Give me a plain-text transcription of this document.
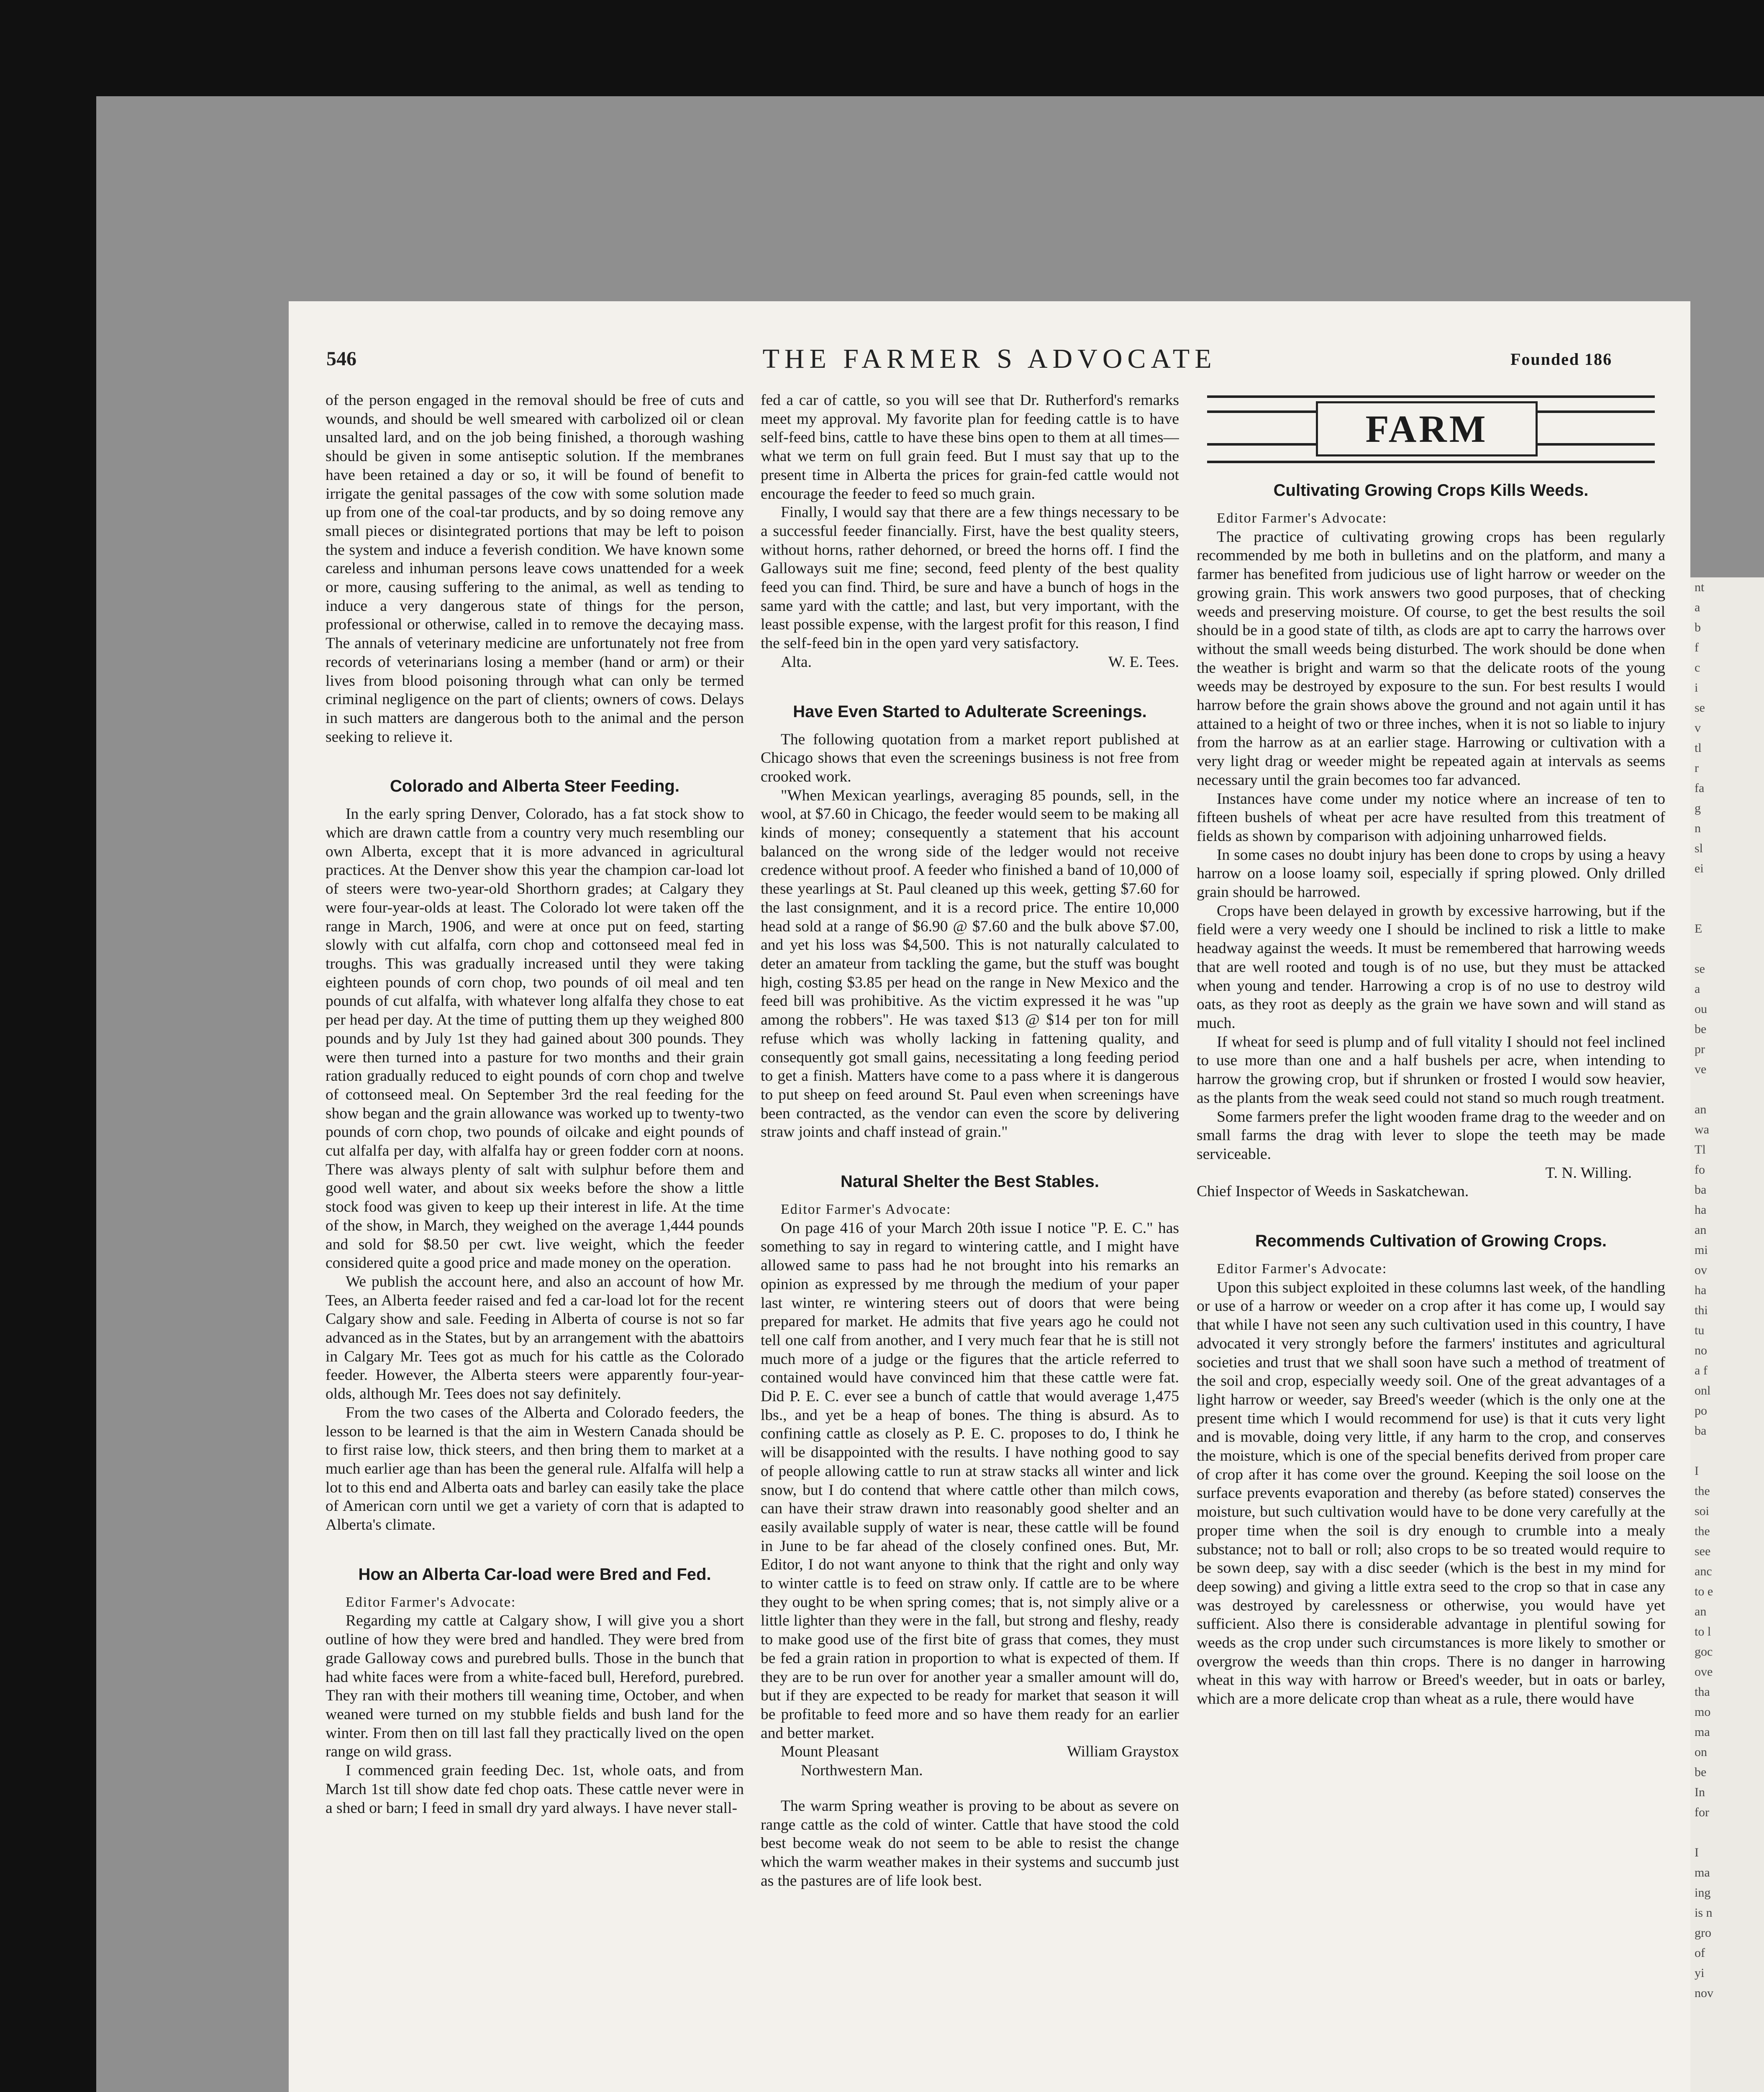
546	THE FARMER S ADVOCATE	Founded 186

of the person engaged in the removal should be free of cuts and wounds, and should be well smeared with carbolized oil or clean unsalted lard, and on the job being finished, a thorough washing should be given in some antiseptic solution. If the membranes have been retained a day or so, it will be found of benefit to irrigate the genital passages of the cow with some solution made up from one of the coal-tar products, and by so doing remove any small pieces or disintegrated portions that may be left to poison the system and induce a feverish condition. We have known some careless and inhuman persons leave cows unattended for a week or more, causing suffering to the animal, as well as tending to induce a very dangerous state of things for the person, professional or otherwise, called in to remove the decaying mass. The annals of veterinary medicine are unfortunately not free from records of veterinarians losing a member (hand or arm) or their lives from blood poisoning through what can only be termed criminal negligence on the part of clients; owners of cows. Delays in such matters are dangerous both to the animal and the person seeking to relieve it.

Colorado and Alberta Steer Feeding.

In the early spring Denver, Colorado, has a fat stock show to which are drawn cattle from a country very much resembling our own Alberta, except that it is more advanced in agricultural practices. At the Denver show this year the champion car-load lot of steers were two-year-old Shorthorn grades; at Calgary they were four-year-olds at least. The Colorado lot were taken off the range in March, 1906, and were at once put on feed, starting slowly with cut alfalfa, corn chop and cottonseed meal fed in troughs. This was gradually increased until they were taking eighteen pounds of corn chop, two pounds of oil meal and ten pounds of cut alfalfa, with whatever long alfalfa they chose to eat per head per day. At the time of putting them up they weighed 800 pounds and by July 1st they had gained about 300 pounds. They were then turned into a pasture for two months and their grain ration gradually reduced to eight pounds of corn chop and twelve of cottonseed meal. On September 3rd the real feeding for the show began and the grain allowance was worked up to twenty-two pounds of corn chop, two pounds of oilcake and eight pounds of cut alfalfa per day, with alfalfa hay or green fodder corn at noons. There was always plenty of salt with sulphur before them and good well water, and about six weeks before the show a little stock food was given to keep up their interest in life. At the time of the show, in March, they weighed on the average 1,444 pounds and sold for $8.50 per cwt. live weight, which the feeder considered quite a good price and made money on the operation.

We publish the account here, and also an account of how Mr. Tees, an Alberta feeder raised and fed a car-load lot for the recent Calgary show and sale. Feeding in Alberta of course is not so far advanced as in the States, but by an arrangement with the abattoirs in Calgary Mr. Tees got as much for his cattle as the Colorado feeder. However, the Alberta steers were apparently four-year-olds, although Mr. Tees does not say definitely.

From the two cases of the Alberta and Colorado feeders, the lesson to be learned is that the aim in Western Canada should be to first raise low, thick steers, and then bring them to market at a much earlier age than has been the general rule. Alfalfa will help a lot to this end and Alberta oats and barley can easily take the place of American corn until we get a variety of corn that is adapted to Alberta's climate.

How an Alberta Car-load were Bred and Fed.

Editor Farmer's Advocate:

Regarding my cattle at Calgary show, I will give you a short outline of how they were bred and handled. They were bred from grade Galloway cows and purebred bulls. Those in the bunch that had white faces were from a white-faced bull, Hereford, purebred. They ran with their mothers till weaning time, October, and when weaned were turned on my stubble fields and bush land for the winter. From then on till last fall they practically lived on the open range on wild grass.

I commenced grain feeding Dec. 1st, whole oats, and from March 1st till show date fed chop oats. These cattle never were in a shed or barn; I feed in small dry yard always. I have never stall-

fed a car of cattle, so you will see that Dr. Rutherford's remarks meet my approval. My favorite plan for feeding cattle is to have self-feed bins, cattle to have these bins open to them at all times—what we term on full grain feed. But I must say that up to the present time in Alberta the prices for grain-fed cattle would not encourage the feeder to feed so much grain.

Finally, I would say that there are a few things necessary to be a successful feeder financially. First, have the best quality steers, without horns, rather dehorned, or breed the horns off. I find the Galloways suit me fine; second, feed plenty of the best quality feed you can find. Third, be sure and have a bunch of hogs in the same yard with the cattle; and last, but very important, with the least possible expense, with the largest profit for this reason, I find the self-feed bin in the open yard very satisfactory.

Alta.	W. E. Tees.
Have Even Started to Adulterate Screenings.

The following quotation from a market report published at Chicago shows that even the screenings business is not free from crooked work.

"When Mexican yearlings, averaging 85 pounds, sell, in the wool, at $7.60 in Chicago, the feeder would seem to be making all kinds of money; consequently a statement that his account balanced on the wrong side of the ledger would not receive credence without proof. A feeder who finished a band of 10,000 of these yearlings at St. Paul cleaned up this week, getting $7.60 for the last consignment, and it is a record price. The entire 10,000 head sold at a range of $6.90 @ $7.60 and the bulk above $7.00, and yet his loss was $4,500. This is not naturally calculated to deter an amateur from tackling the game, but the stuff was bought high, costing $3.85 per head on the range in New Mexico and the feed bill was prohibitive. As the victim expressed it he was "up among the robbers". He was taxed $13 @ $14 per ton for mill refuse which was wholly lacking in fattening quality, and consequently got small gains, necessitating a long feeding period to get a finish. Matters have come to a pass where it is dangerous to put sheep on feed around St. Paul even when screenings have been contracted, as the vendor can even the score by delivering straw joints and chaff instead of grain."

Natural Shelter the Best Stables.

Editor Farmer's Advocate:

On page 416 of your March 20th issue I notice "P. E. C." has something to say in regard to wintering cattle, and I might have allowed same to pass had he not brought into his remarks an opinion as expressed by me through the medium of your paper last winter, re wintering steers out of doors that were being prepared for market. He admits that five years ago he could not tell one calf from another, and I very much fear that he is still not much more of a judge or the figures that the article referred to contained would have convinced him that these cattle were fat. Did P. E. C. ever see a bunch of cattle that would average 1,475 lbs., and yet be a heap of bones. The thing is absurd. As to confining cattle as closely as P. E. C. proposes to do, I think he will be disappointed with the results. I have nothing good to say of people allowing cattle to run at straw stacks all winter and lick snow, but I do contend that where cattle other than milch cows, can have their straw drawn into reasonably good shelter and an easily available supply of water is near, these cattle will be found in June to be far ahead of the closely confined ones. But, Mr. Editor, I do not want anyone to think that the right and only way to winter cattle is to feed on straw only. If cattle are to be where they ought to be when spring comes; that is, not simply alive or a little lighter than they were in the fall, but strong and fleshy, ready to make good use of the first bite of grass that comes, they must be fed a grain ration in proportion to what is expected of them. If they are to be run over for another year a smaller amount will do, but if they are expected to be ready for market that season it will be profitable to feed more and so have them ready for an earlier and better market.

Mount Pleasant	William Graystox

Northwestern Man.

The warm Spring weather is proving to be about as severe on range cattle as the cold of winter. Cattle that have stood the cold best become weak do not seem to be able to resist the change which the warm weather makes in their systems and succumb just as the pastures are of life look best.

FARM
Cultivating Growing Crops Kills Weeds.

Editor Farmer's Advocate:

The practice of cultivating growing crops has been regularly recommended by me both in bulletins and on the platform, and many a farmer has benefited from judicious use of light harrow or weeder on the growing grain. This work answers two good purposes, that of checking weeds and preserving moisture. Of course, to get the best results the soil should be in a good state of tilth, as clods are apt to carry the harrows over without the small weeds being disturbed. The work should be done when the weather is bright and warm so that the delicate roots of the young weeds may be destroyed by exposure to the sun. For best results I would harrow before the grain shows above the ground and not again until it has attained to a height of two or three inches, when it is not so liable to injury from the harrow as at an earlier stage. Harrowing or cultivation with a very light drag or weeder might be repeated again at intervals as seems necessary until the grain becomes too far advanced.

Instances have come under my notice where an increase of ten to fifteen bushels of wheat per acre have resulted from this treatment of fields as shown by comparison with adjoining unharrowed fields.

In some cases no doubt injury has been done to crops by using a heavy harrow on a loose loamy soil, especially if spring plowed. Only drilled grain should be harrowed.

Crops have been delayed in growth by excessive harrowing, but if the field were a very weedy one I should be inclined to risk a little to make headway against the weeds. It must be remembered that harrowing weeds that are well rooted and tough is of no use, but they must be attacked when young and tender. Harrowing a crop is of no use to destroy wild oats, as they root as deeply as the grain we have sown and will stand as much.

If wheat for seed is plump and of full vitality I should not feel inclined to use more than one and a half bushels per acre, when intending to harrow the growing crop, but if shrunken or frosted I would sow heavier, as the plants from the weak seed could not stand so much rough treatment.

Some farmers prefer the light wooden frame drag to the weeder and on small farms the drag with lever to slope the teeth may be made serviceable.

T. N. Willing.

Chief Inspector of Weeds in Saskatchewan.

Recommends Cultivation of Growing Crops.

Editor Farmer's Advocate:

Upon this subject exploited in these columns last week, of the handling or use of a harrow or weeder on a crop after it has come up, I would say that while I have not seen any such cultivation used in this country, I have advocated it very strongly before the farmers' institutes and agricultural societies and trust that we shall soon have such a method of treatment of the soil and crop, especially weedy soil. One of the great advantages of a light harrow or weeder, say Breed's weeder (which is the only one at the present time which I would recommend for use) is that it cuts very light and is movable, doing very little, if any harm to the crop, and conserves the moisture, which is one of the special benefits derived from proper care of crop after it has come over the ground. Keeping the soil loose on the surface prevents evaporation and thereby (as before stated) conserves the moisture, but such cultivation would have to be done very carefully at the proper time when the soil is dry enough to crumble into a mealy substance; not to ball or roll; also crops to be so treated would require to be sown deep, say with a disc seeder (which is the best in my mind for deep sowing) and giving a little extra seed to the crop so that in case any was destroyed by carelessness or otherwise, you would have yet sufficient. Also there is considerable advantage in plentiful sowing for weeds as the crop under such circumstances is more likely to smother or overgrow the weeds than thin crops. There is no danger in harrowing wheat in this way with harrow or Breed's weeder, but in oats or barley, which are a more delicate crop than wheat as a rule, there would have

nt
a
b
f
c
i
se
v
tl
r
fa
g
n
sl
ei

E

se
a
ou
be
pr
ve

an
wa
Tl
fo
ba
ha
an
mi
ov
ha
thi
tu
no
a f
onl
po
ba

I
the
soi
the
see
anc
to e
an
to l
goc
ove
tha
mo
ma
on
be
In
for

I
ma
ing
is n
gro
of
yi
nov
